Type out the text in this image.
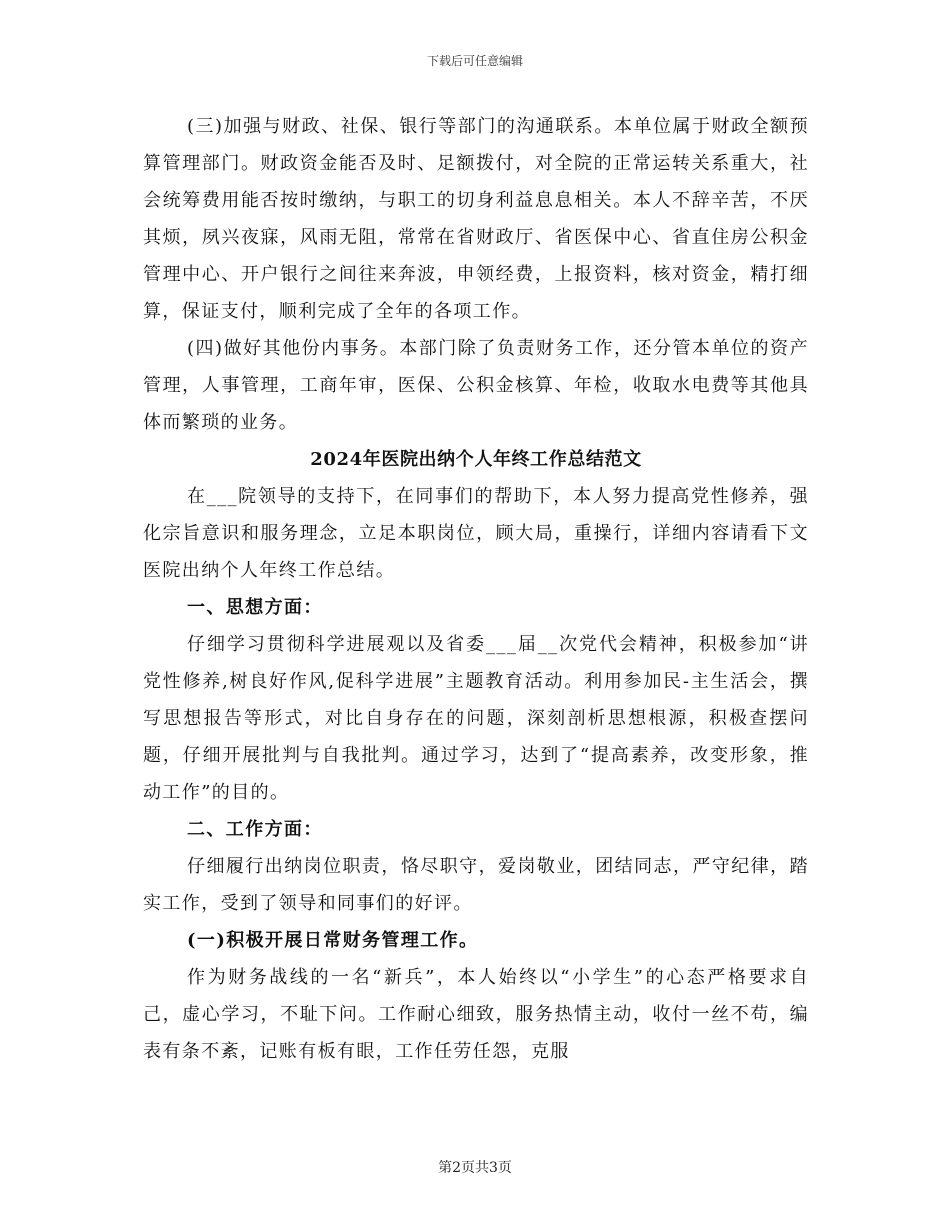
下载后可任意编辑

(三)加强与财政、社保、银行等部门的沟通联系。本单位属于财政全额预算管理部门。财政资金能否及时、足额拨付，对全院的正常运转关系重大，社会统筹费用能否按时缴纳，与职工的切身利益息息相关。本人不辞辛苦，不厌其烦，夙兴夜寐，风雨无阻，常常在省财政厅、省医保中心、省直住房公积金管理中心、开户银行之间往来奔波，申领经费，上报资料，核对资金，精打细算，保证支付，顺利完成了全年的各项工作。

(四)做好其他份内事务。本部门除了负责财务工作，还分管本单位的资产管理，人事管理，工商年审，医保、公积金核算、年检，收取水电费等其他具体而繁琐的业务。

2024年医院出纳个人年终工作总结范文

在___院领导的支持下，在同事们的帮助下，本人努力提高党性修养，强化宗旨意识和服务理念，立足本职岗位，顾大局，重操行，详细内容请看下文医院出纳个人年终工作总结。

一、思想方面：

仔细学习贯彻科学进展观以及省委___届__次党代会精神，积极参加“讲党性修养,树良好作风,促科学进展”主题教育活动。利用参加民-主生活会，撰写思想报告等形式，对比自身存在的问题，深刻剖析思想根源，积极查摆问题，仔细开展批判与自我批判。通过学习，达到了“提高素养，改变形象，推动工作”的目的。

二、工作方面：

仔细履行出纳岗位职责，恪尽职守，爱岗敬业，团结同志，严守纪律，踏实工作，受到了领导和同事们的好评。

(一)积极开展日常财务管理工作。

作为财务战线的一名“新兵”，本人始终以“小学生”的心态严格要求自己，虚心学习，不耻下问。工作耐心细致，服务热情主动，收付一丝不苟，编表有条不紊，记账有板有眼，工作任劳任怨，克服

第2页共3页
